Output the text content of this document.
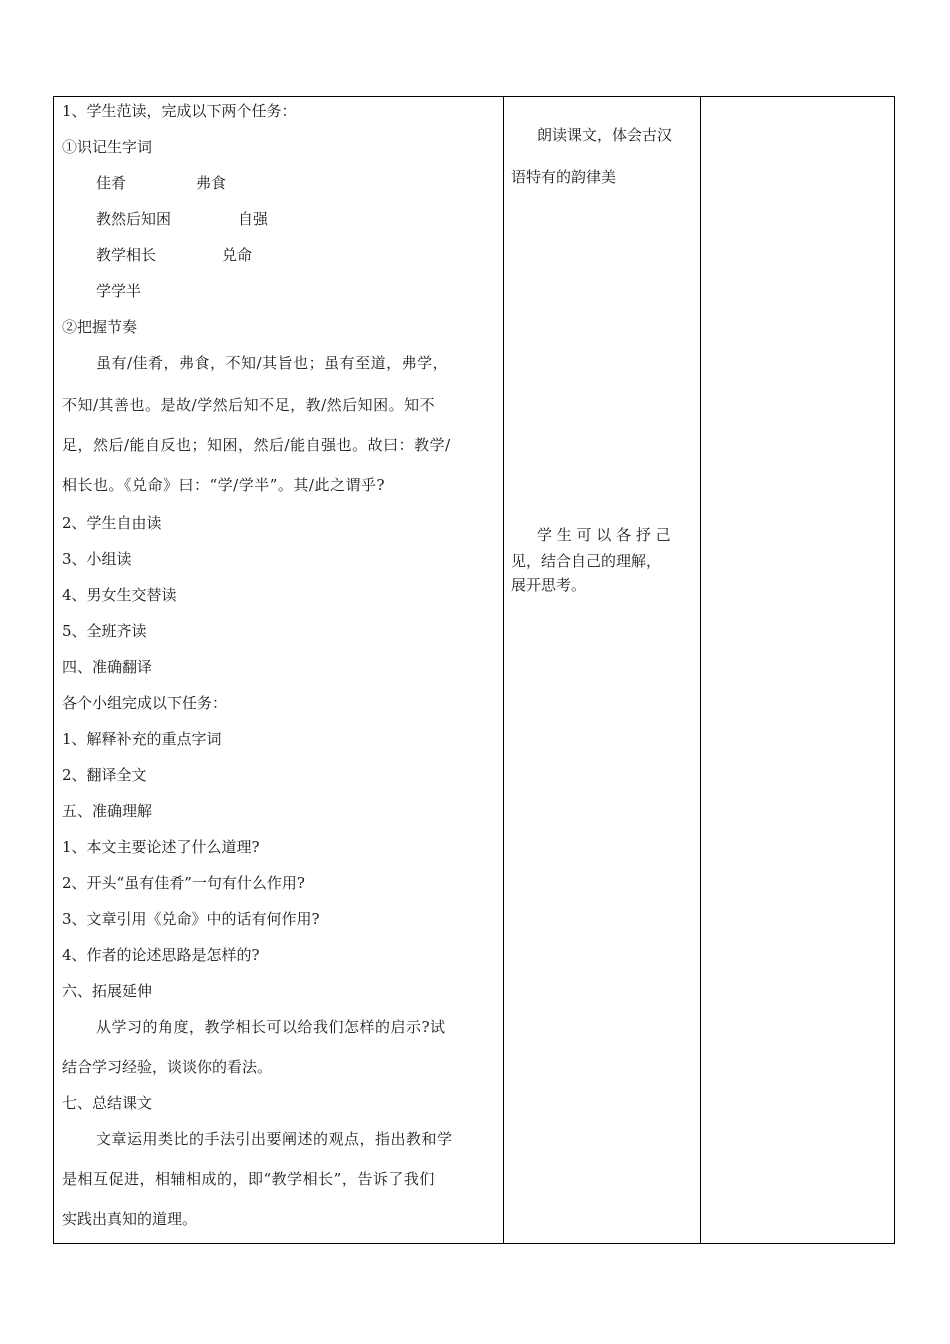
1、学生范读，完成以下两个任务：
①识记生字词
佳肴	弗食
教然后知困	自强
教学相长	兑命
学学半
②把握节奏
虽有/佳肴，弗食，不知/其旨也；虽有至道，弗学，
不知/其善也。是故/学然后知不足，教/然后知困。知不
足，然后/能自反也；知困，然后/能自强也。故曰：教学/
相长也。《兑命》曰：“学/学半”。其/此之谓乎?
2、学生自由读
3、小组读
4、男女生交替读
5、全班齐读
四、准确翻译
各个小组完成以下任务：
1、解释补充的重点字词
2、翻译全文
五、准确理解
1、本文主要论述了什么道理?
2、开头“虽有佳肴”一句有什么作用?
3、文章引用《兑命》中的话有何作用?
4、作者的论述思路是怎样的?
六、拓展延伸
从学习的角度，教学相长可以给我们怎样的启示?试
结合学习经验，谈谈你的看法。
七、总结课文
文章运用类比的手法引出要阐述的观点，指出教和学
是相互促进，相辅相成的，即“教学相长”，告诉了我们
实践出真知的道理。
朗读课文，体会古汉
语特有的韵律美
学 生 可 以 各 抒 己
见，结合自己的理解，
展开思考。
